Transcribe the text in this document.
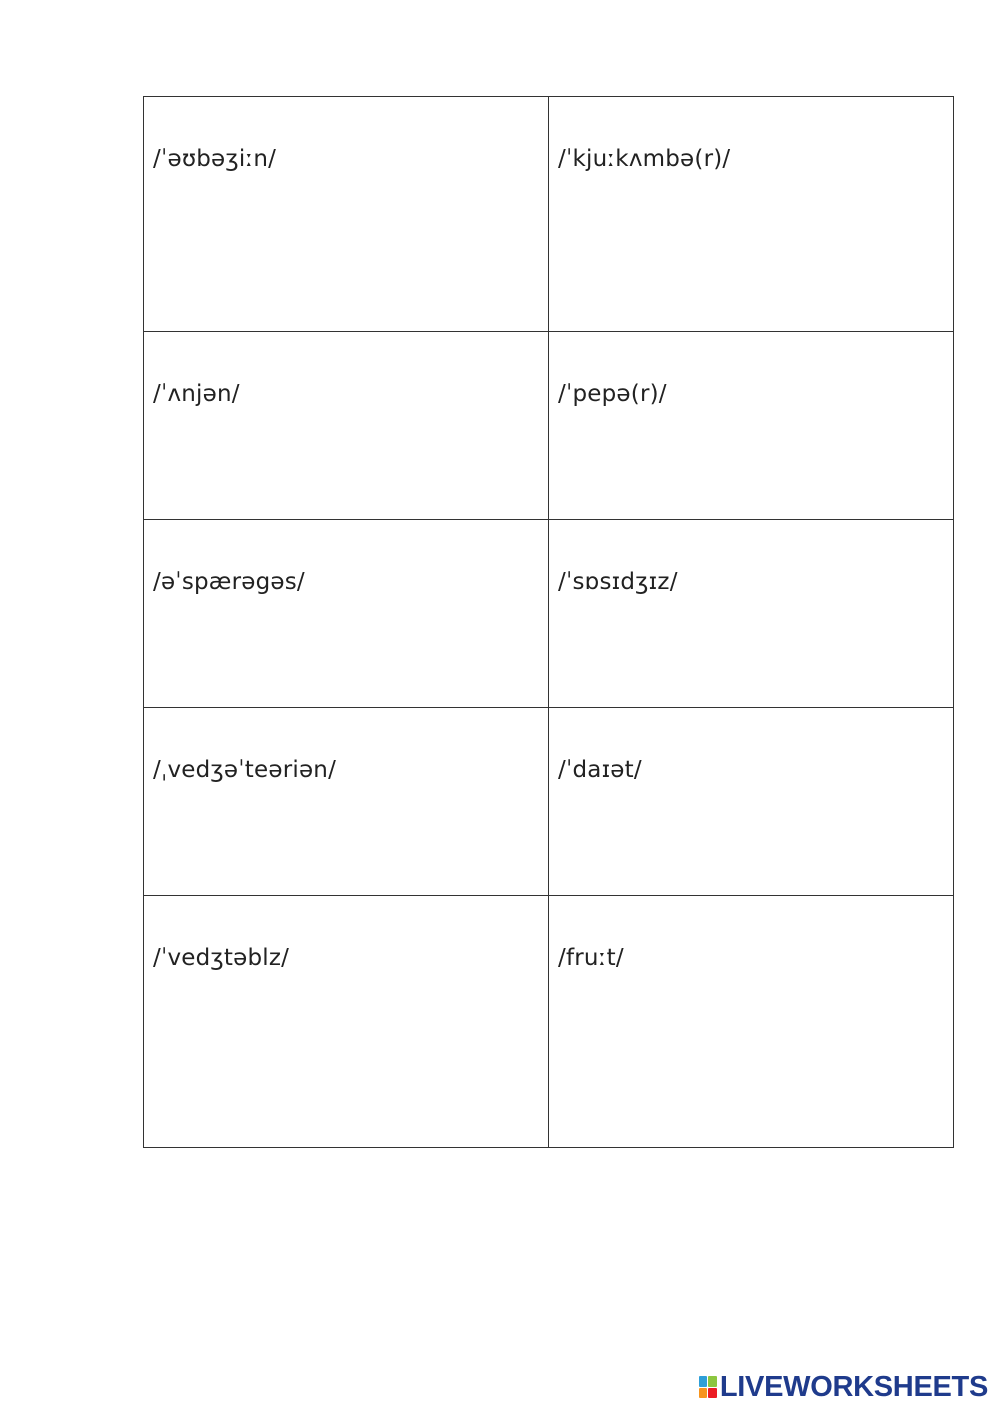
/ˈəʊbəʒiːn/	/ˈkjuːkʌmbə(r)/

/ˈʌnjən/	/ˈpepə(r)/

/əˈspærəgəs/	/ˈsɒsɪdʒɪz/

/ˌvedʒəˈteəriən/	/ˈdaɪət/

/ˈvedʒtəblz/	/fruːt/
LIVEWORKSHEETS
